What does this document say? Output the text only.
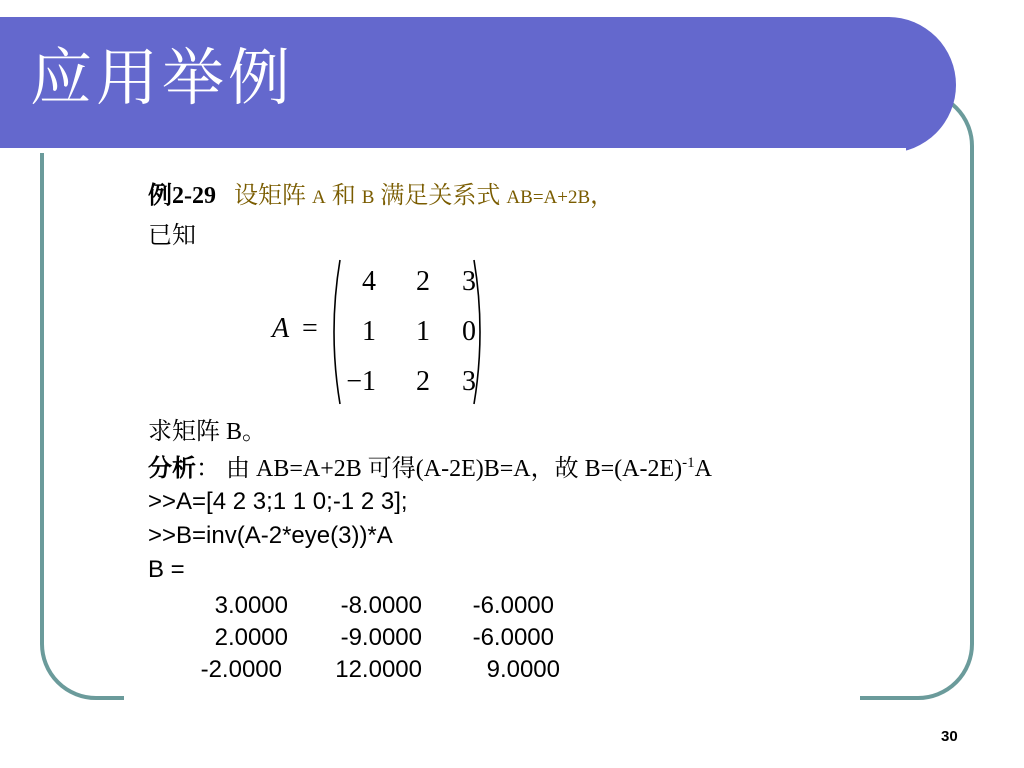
应用举例
例2-29 设矩阵 A 和 B 满足关系式 AB=A+2B，
已知
A =
4	2	3
1	1	0
−1	2	3
求矩阵 B。
分析： 由 AB=A+2B 可得(A-2E)B=A，故 $B=(A-2E)^{-1}A$
>>A=[4 2 3;1 1 0;-1 2 3];
>>B=inv(A-2*eye(3))*A
B =
3.0000	-8.0000	-6.0000
2.0000	-9.0000	-6.0000
-2.0000	12.0000	9.0000
30
